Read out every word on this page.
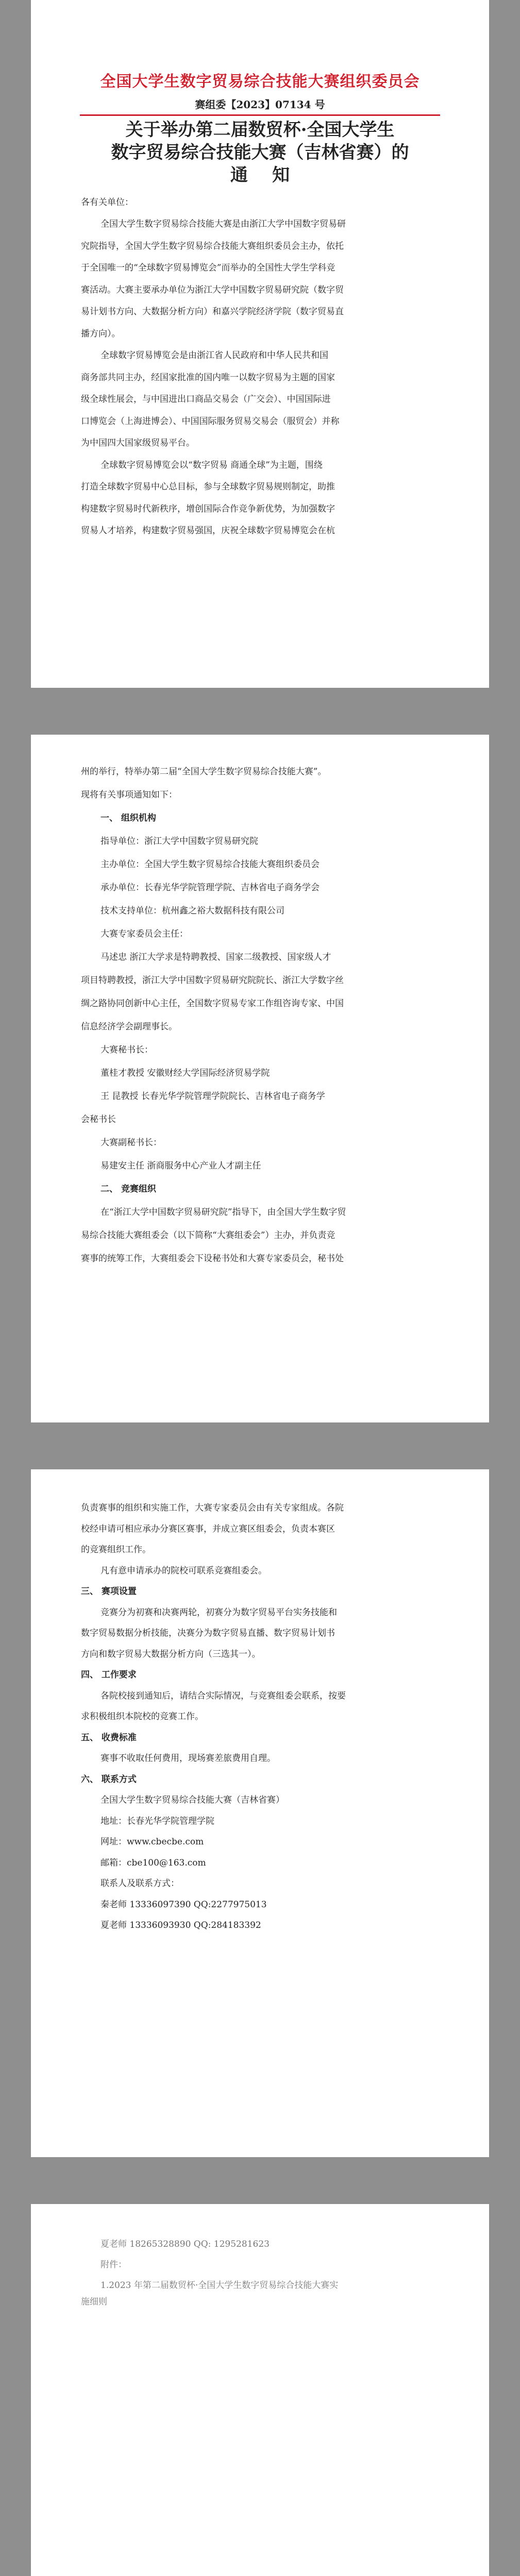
全国大学生数字贸易综合技能大赛组织委员会
赛组委【2023】07134 号
关于举办第二届数贸杯·全国大学生
数字贸易综合技能大赛（吉林省赛）的
通    知
各有关单位：
全国大学生数字贸易综合技能大赛是由浙江大学中国数字贸易研
究院指导，全国大学生数字贸易综合技能大赛组织委员会主办，依托
于全国唯一的“全球数字贸易博览会”而举办的全国性大学生学科竞
赛活动。大赛主要承办单位为浙江大学中国数字贸易研究院（数字贸
易计划书方向、大数据分析方向）和嘉兴学院经济学院（数字贸易直
播方向）。
全球数字贸易博览会是由浙江省人民政府和中华人民共和国
商务部共同主办，经国家批准的国内唯一以数字贸易为主题的国家
级全球性展会，与中国进出口商品交易会（广交会）、中国国际进
口博览会（上海进博会）、中国国际服务贸易交易会（服贸会）并称
为中国四大国家级贸易平台。
全球数字贸易博览会以“数字贸易 商通全球”为主题，围绕
打造全球数字贸易中心总目标，参与全球数字贸易规则制定，助推
构建数字贸易时代新秩序，增创国际合作竞争新优势，为加强数字
贸易人才培养，构建数字贸易强国，庆祝全球数字贸易博览会在杭
州的举行，特举办第二届“全国大学生数字贸易综合技能大赛”。
现将有关事项通知如下：
一、 组织机构
指导单位：浙江大学中国数字贸易研究院
主办单位：全国大学生数字贸易综合技能大赛组织委员会
承办单位：长春光华学院管理学院、吉林省电子商务学会
技术支持单位：杭州鑫之裕大数据科技有限公司
大赛专家委员会主任：
马述忠 浙江大学求是特聘教授、国家二级教授、国家级人才
项目特聘教授，浙江大学中国数字贸易研究院院长、浙江大学数字丝
绸之路协同创新中心主任，全国数字贸易专家工作组咨询专家、中国
信息经济学会副理事长。
大赛秘书长：
董桂才教授 安徽财经大学国际经济贸易学院
王 昆教授 长春光华学院管理学院院长、吉林省电子商务学
会秘书长
大赛副秘书长：
易建安主任 浙商服务中心产业人才副主任
二、 竞赛组织
在“浙江大学中国数字贸易研究院”指导下，由全国大学生数字贸
易综合技能大赛组委会（以下简称“大赛组委会”）主办，并负责竞
赛事的统筹工作，大赛组委会下设秘书处和大赛专家委员会，秘书处
负责赛事的组织和实施工作，大赛专家委员会由有关专家组成。各院
校经申请可相应承办分赛区赛事，并成立赛区组委会，负责本赛区
的竞赛组织工作。
凡有意申请承办的院校可联系竞赛组委会。
三、 赛项设置
竞赛分为初赛和决赛两轮，初赛分为数字贸易平台实务技能和
数字贸易数据分析技能，决赛分为数字贸易直播、数字贸易计划书
方向和数字贸易大数据分析方向（三选其一）。
四、 工作要求
各院校接到通知后，请结合实际情况，与竞赛组委会联系，按要
求积极组织本院校的竞赛工作。
五、 收费标准
赛事不收取任何费用，现场赛差旅费用自理。
六、 联系方式
全国大学生数字贸易综合技能大赛（吉林省赛）
地址：长春光华学院管理学院
网址：www.cbecbe.com
邮箱：cbe100@163.com
联系人及联系方式：
秦老师 13336097390 QQ:2277975013
夏老师 13336093930 QQ:284183392
夏老师 18265328890 QQ: 1295281623
附件：
1.2023 年第二届数贸杯·全国大学生数字贸易综合技能大赛实
施细则
